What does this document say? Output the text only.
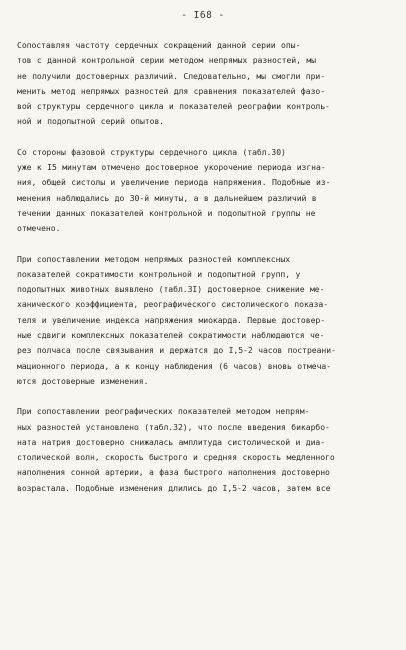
- I68 -
Сопоставляя частоту сердечных сокращений данной серии опы-
тов с данной контрольной серии методом непрямых разностей, мы
не получили достоверных различий. Следовательно, мы смогли при-
менить метод непрямых разностей для сравнения показателей фазо-
вой структуры сердечного цикла и показателей реографии контроль-
ной и подопытной серий опытов.
Со стороны фазовой структуры сердечного цикла (табл.30)
уже к I5 минутам отмечено достоверное укорочение периода изгна-
ния, общей систолы и увеличение периода напряжения. Подобные из-
менения наблюдались до 30-й минуты, а в дальнейшем различий в
течении данных показателей контрольной и подопытной группы не
отмечено.
При сопоставлении методом непрямых разностей комплексных
показателей сократимости контрольной и подопытной групп, у
подопытных животных выявлено (табл.3I) достоверное снижение ме-
ханического коэффициента, реографического систолического показа-
теля и увеличение индекса напряжения миокарда. Первые достовер-
ные сдвиги комплексных показателей сократимости наблюдаются че-
рез полчаса после связывания и держатся до I,5-2 часов постреани-
мационного периода, а к концу наблюдения (6 часов) вновь отмеча-
ются достоверные изменения.
При сопоставлении реографических показателей методом непрям-
ных разностей установлено (табл.32), что после введения бикарбо-
ната натрия достоверно снижалась амплитуда систолической и диа-
столической волн, скорость быстрого и средняя скорость медленного
наполнения сонной артерии, а фаза быстрого наполнения достоверно
возрастала. Подобные изменения длились до I,5-2 часов, затем все
